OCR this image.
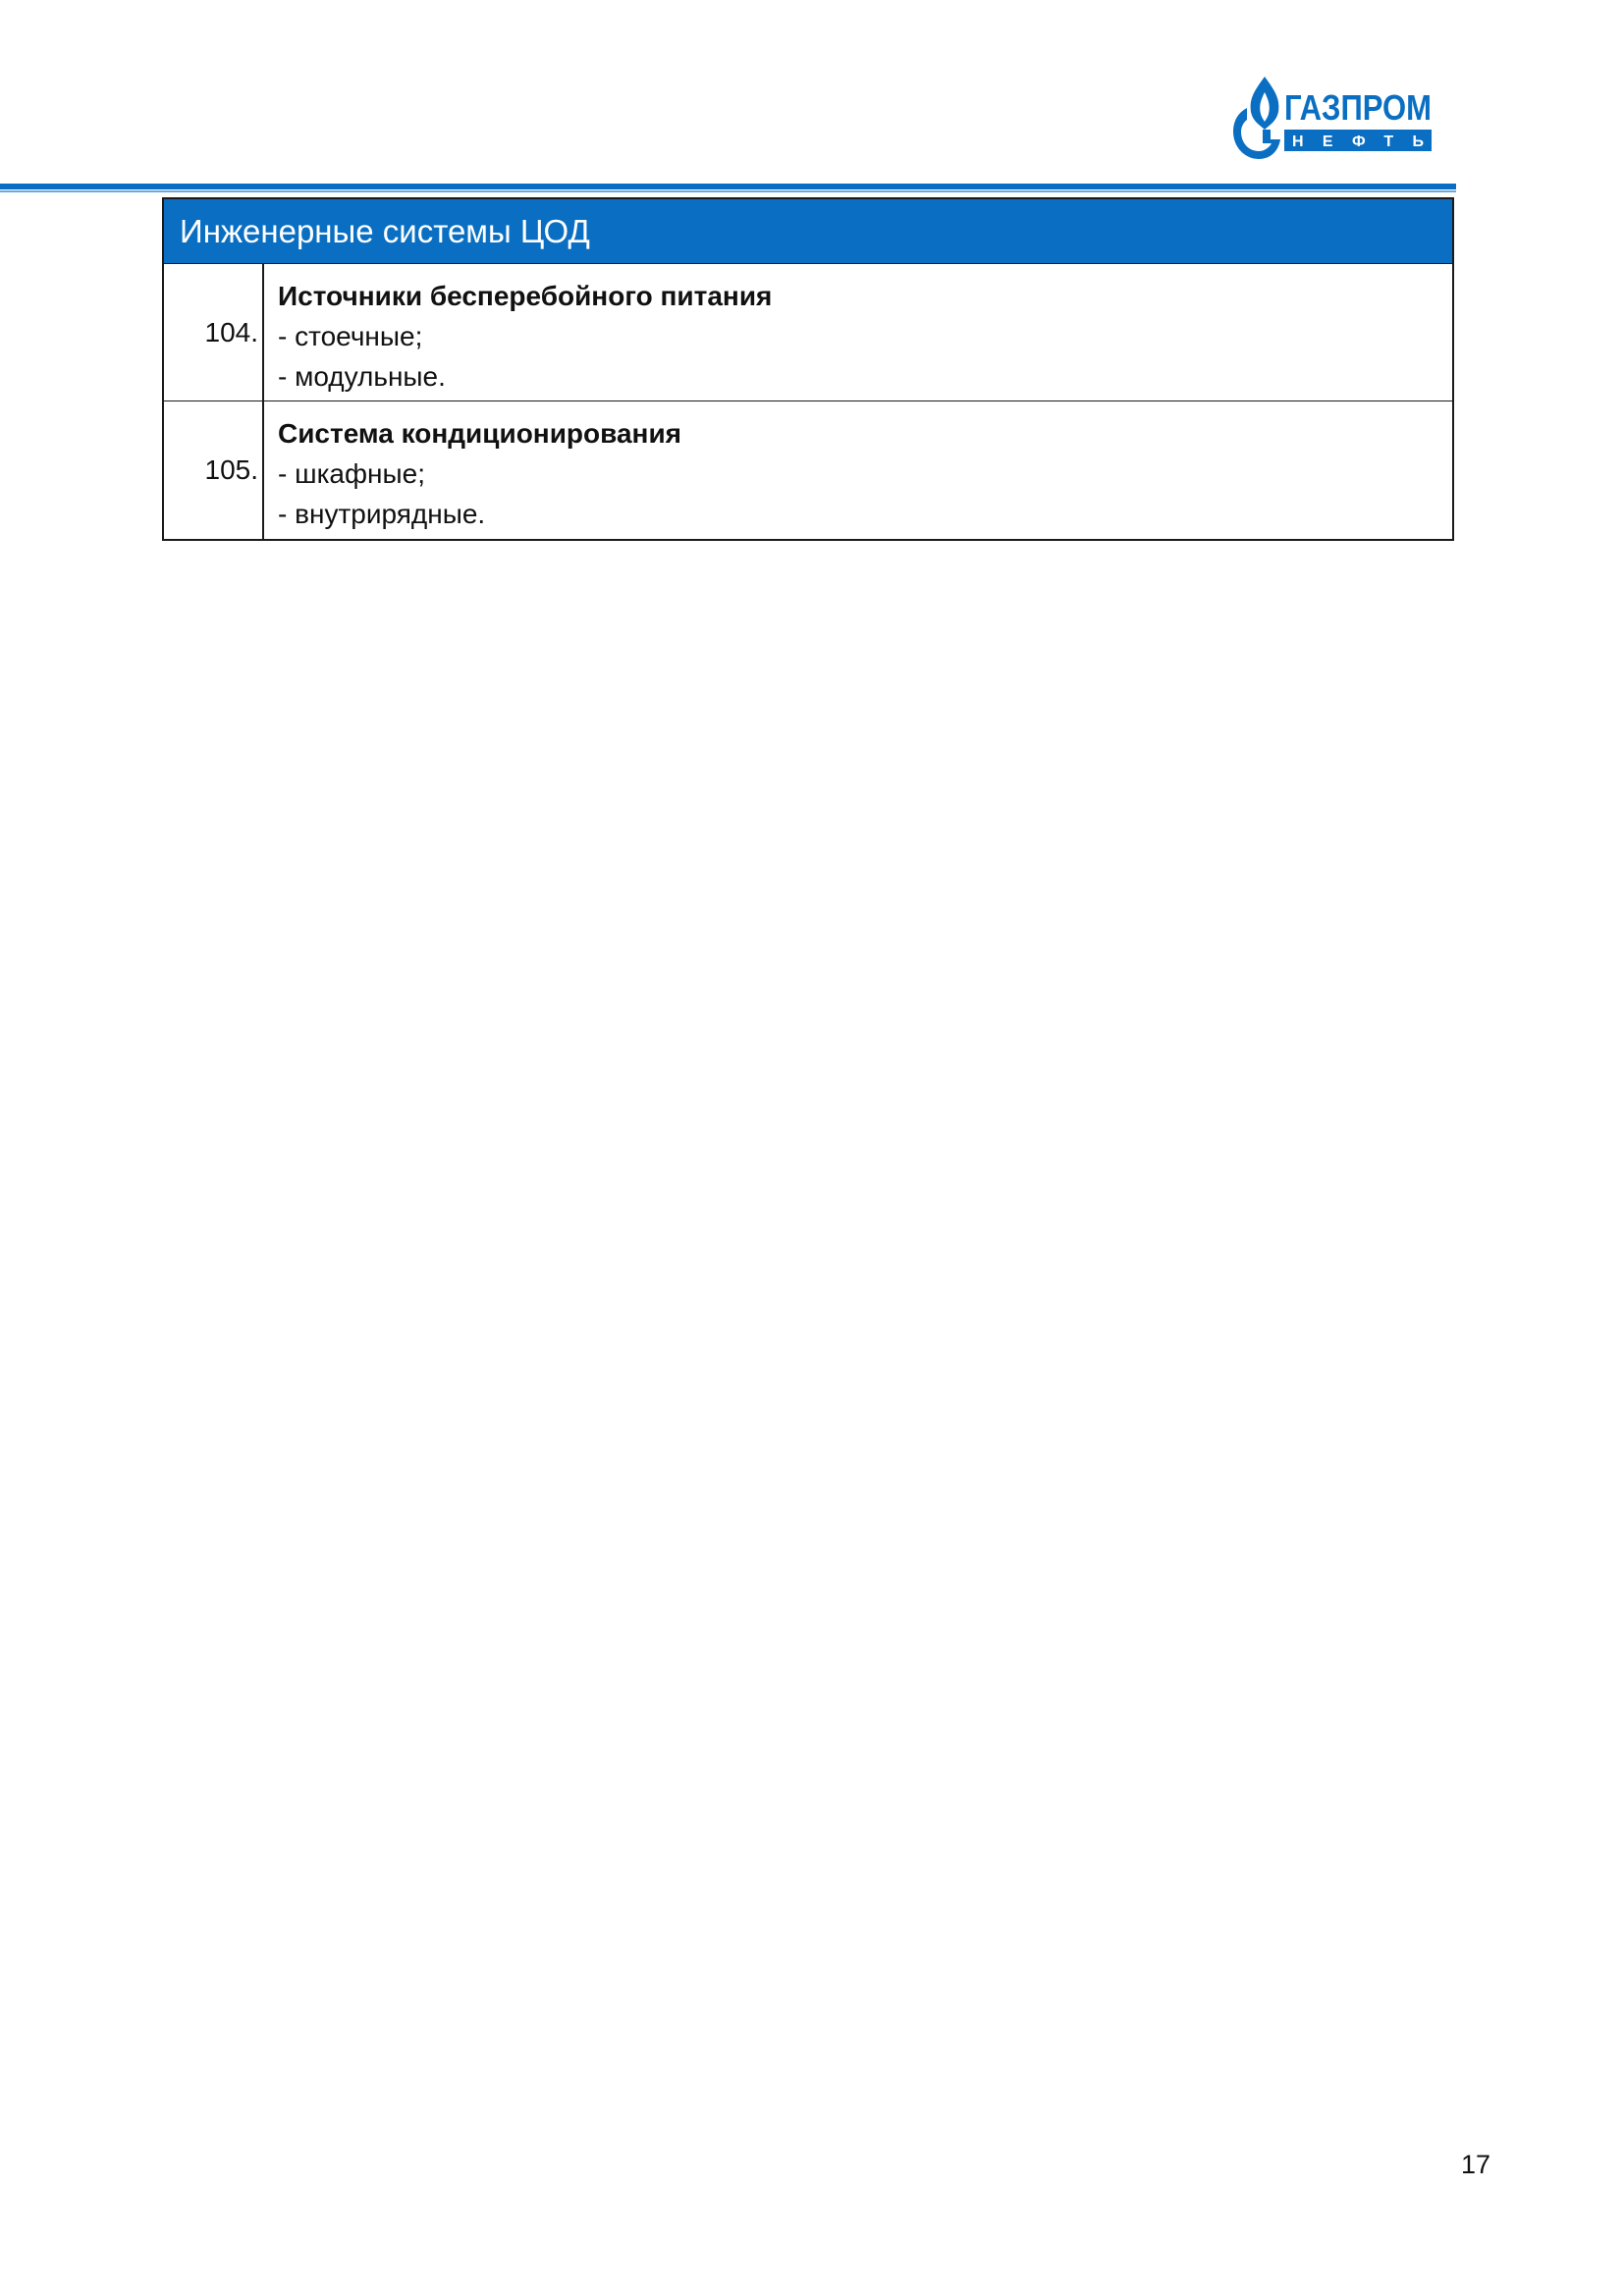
ГАЗПРОМ
НЕФТЬ
Инженерные системы ЦОД
104.
Источники бесперебойного питания
- стоечные;
- модульные.
105.
Система кондиционирования
- шкафные;
- внутрирядные.
17
